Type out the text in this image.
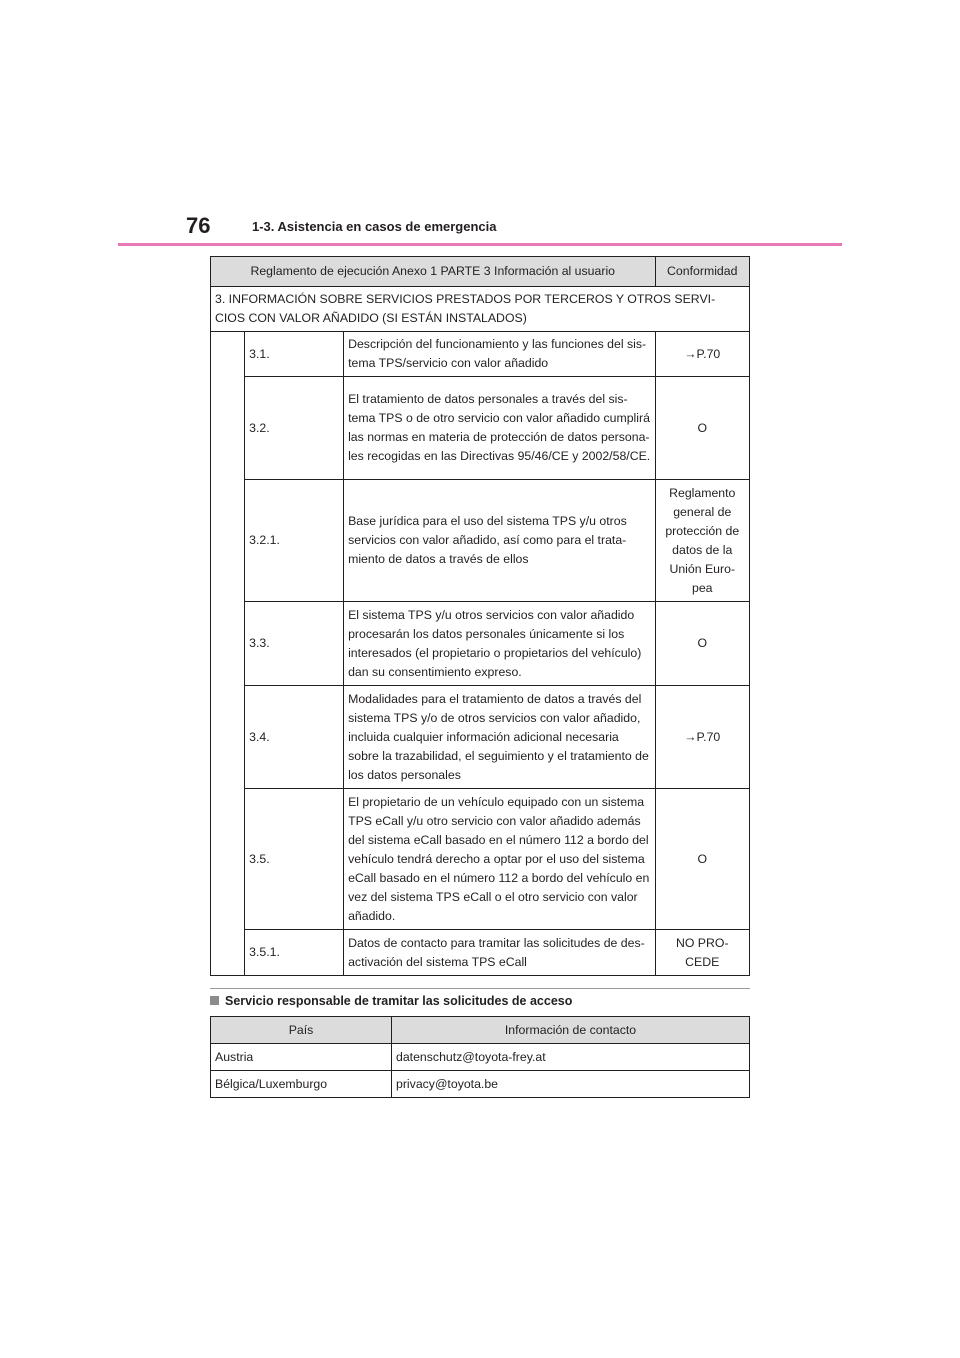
76	1-3. Asistencia en casos de emergencia
Reglamento de ejecución Anexo 1 PARTE 3 Información al usuario			Conformidad
3. INFORMACIÓN SOBRE SERVICIOS PRESTADOS POR TERCEROS Y OTROS SERVI-CIOS CON VALOR AÑADIDO (SI ESTÁN INSTALADOS)			
	3.1.	Descripción del funcionamiento y las funciones del sis-tema TPS/servicio con valor añadido	→P.70
	3.2.	El tratamiento de datos personales a través del sis-tema TPS o de otro servicio con valor añadido cumplirá las normas en materia de protección de datos persona-les recogidas en las Directivas 95/46/CE y 2002/58/CE.	O
	3.2.1.	Base jurídica para el uso del sistema TPS y/u otros servicios con valor añadido, así como para el trata-miento de datos a través de ellos	Reglamento general de protección de datos de la Unión Euro-pea
	3.3.	El sistema TPS y/u otros servicios con valor añadido procesarán los datos personales únicamente si los interesados (el propietario o propietarios del vehículo) dan su consentimiento expreso.	O
	3.4.	Modalidades para el tratamiento de datos a través del sistema TPS y/o de otros servicios con valor añadido, incluida cualquier información adicional necesaria sobre la trazabilidad, el seguimiento y el tratamiento de los datos personales	→P.70
	3.5.	El propietario de un vehículo equipado con un sistema TPS eCall y/u otro servicio con valor añadido además del sistema eCall basado en el número 112 a bordo del vehículo tendrá derecho a optar por el uso del sistema eCall basado en el número 112 a bordo del vehículo en vez del sistema TPS eCall o el otro servicio con valor añadido.	O
	3.5.1.	Datos de contacto para tramitar las solicitudes de des-activación del sistema TPS eCall	NO PRO-CEDE
Servicio responsable de tramitar las solicitudes de acceso
País	Información de contacto
Austria	datenschutz@toyota-frey.at
Bélgica/Luxemburgo	privacy@toyota.be
